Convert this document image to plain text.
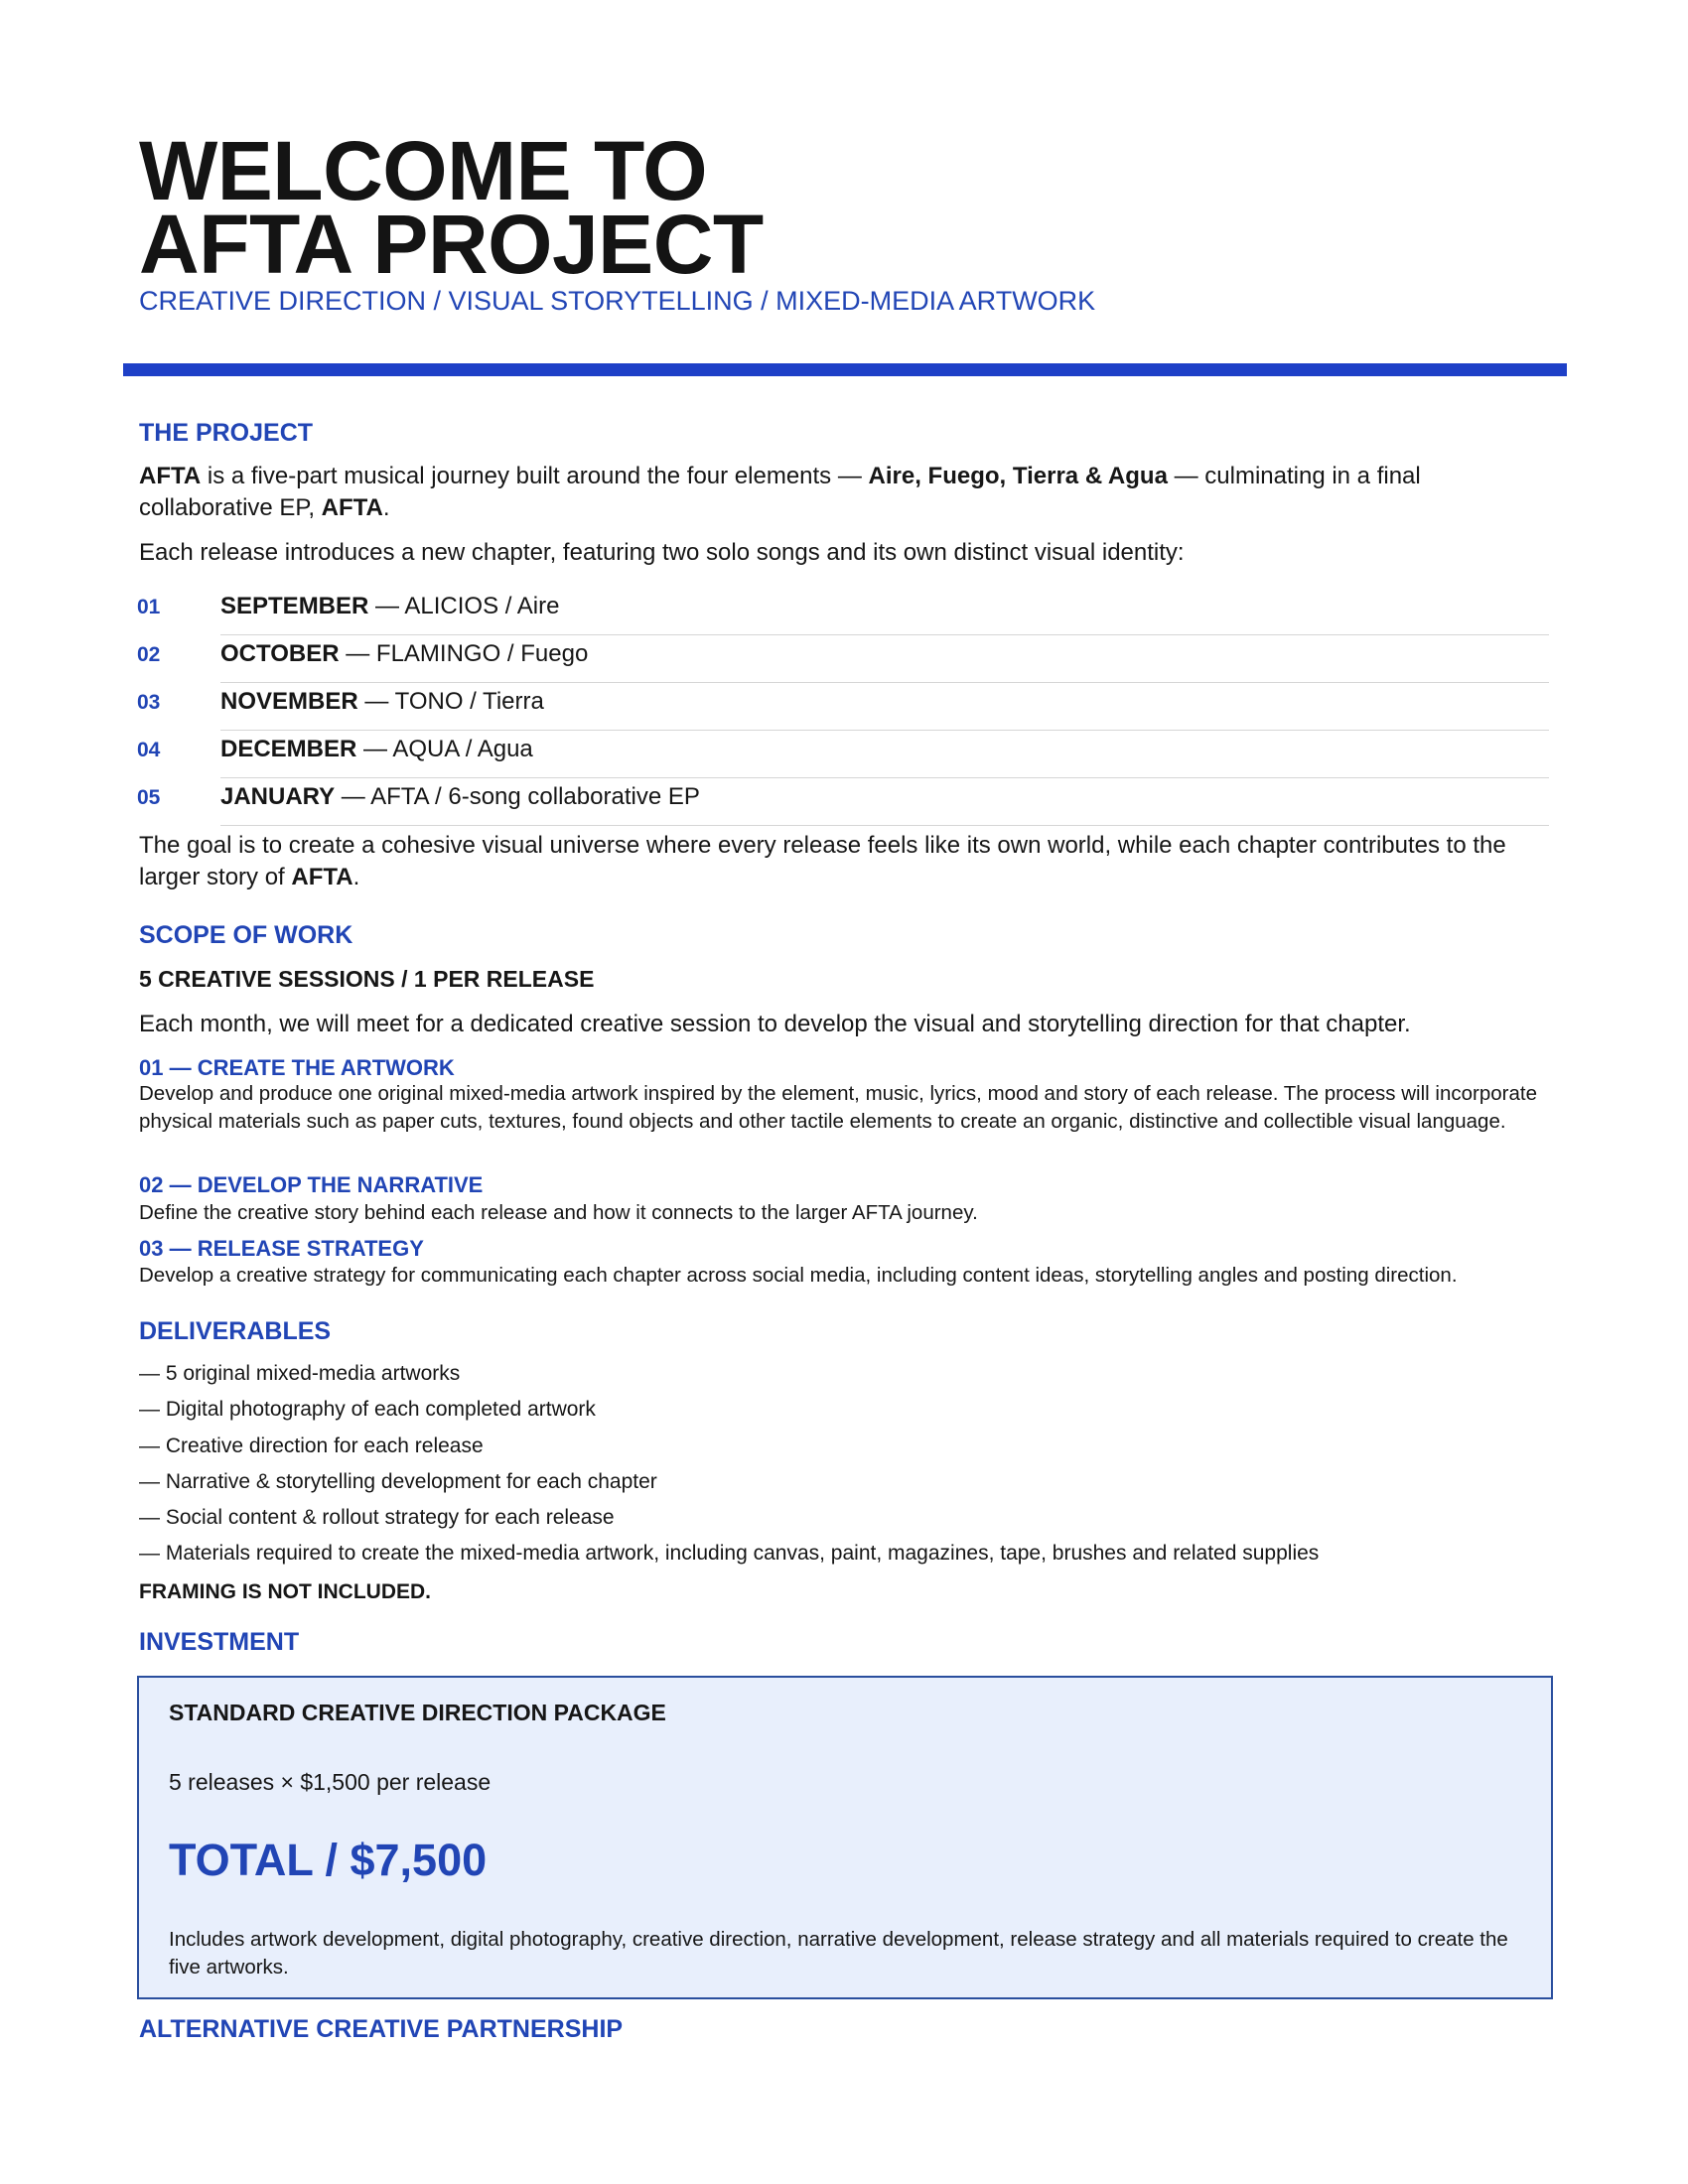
WELCOME TO
AFTA PROJECT
CREATIVE DIRECTION / VISUAL STORYTELLING / MIXED-MEDIA ARTWORK
THE PROJECT
AFTA is a five-part musical journey built around the four elements — Aire, Fuego, Tierra & Agua — culminating in a final collaborative EP, AFTA.
Each release introduces a new chapter, featuring two solo songs and its own distinct visual identity:
01	SEPTEMBER — ALICIOS / Aire
02	OCTOBER — FLAMINGO / Fuego
03	NOVEMBER — TONO / Tierra
04	DECEMBER — AQUA / Agua
05	JANUARY — AFTA / 6-song collaborative EP
The goal is to create a cohesive visual universe where every release feels like its own world, while each chapter contributes to the larger story of AFTA.
SCOPE OF WORK
5 CREATIVE SESSIONS / 1 PER RELEASE
Each month, we will meet for a dedicated creative session to develop the visual and storytelling direction for that chapter.
01 — CREATE THE ARTWORK
Develop and produce one original mixed-media artwork inspired by the element, music, lyrics, mood and story of each release. The process will incorporate physical materials such as paper cuts, textures, found objects and other tactile elements to create an organic, distinctive and collectible visual language.
02 — DEVELOP THE NARRATIVE
Define the creative story behind each release and how it connects to the larger AFTA journey.
03 — RELEASE STRATEGY
Develop a creative strategy for communicating each chapter across social media, including content ideas, storytelling angles and posting direction.
DELIVERABLES
— 5 original mixed-media artworks
— Digital photography of each completed artwork
— Creative direction for each release
— Narrative & storytelling development for each chapter
— Social content & rollout strategy for each release
— Materials required to create the mixed-media artwork, including canvas, paint, magazines, tape, brushes and related supplies
FRAMING IS NOT INCLUDED.
INVESTMENT
STANDARD CREATIVE DIRECTION PACKAGE
5 releases × $1,500 per release
TOTAL / $7,500
Includes artwork development, digital photography, creative direction, narrative development, release strategy and all materials required to create the five artworks.
ALTERNATIVE CREATIVE PARTNERSHIP
